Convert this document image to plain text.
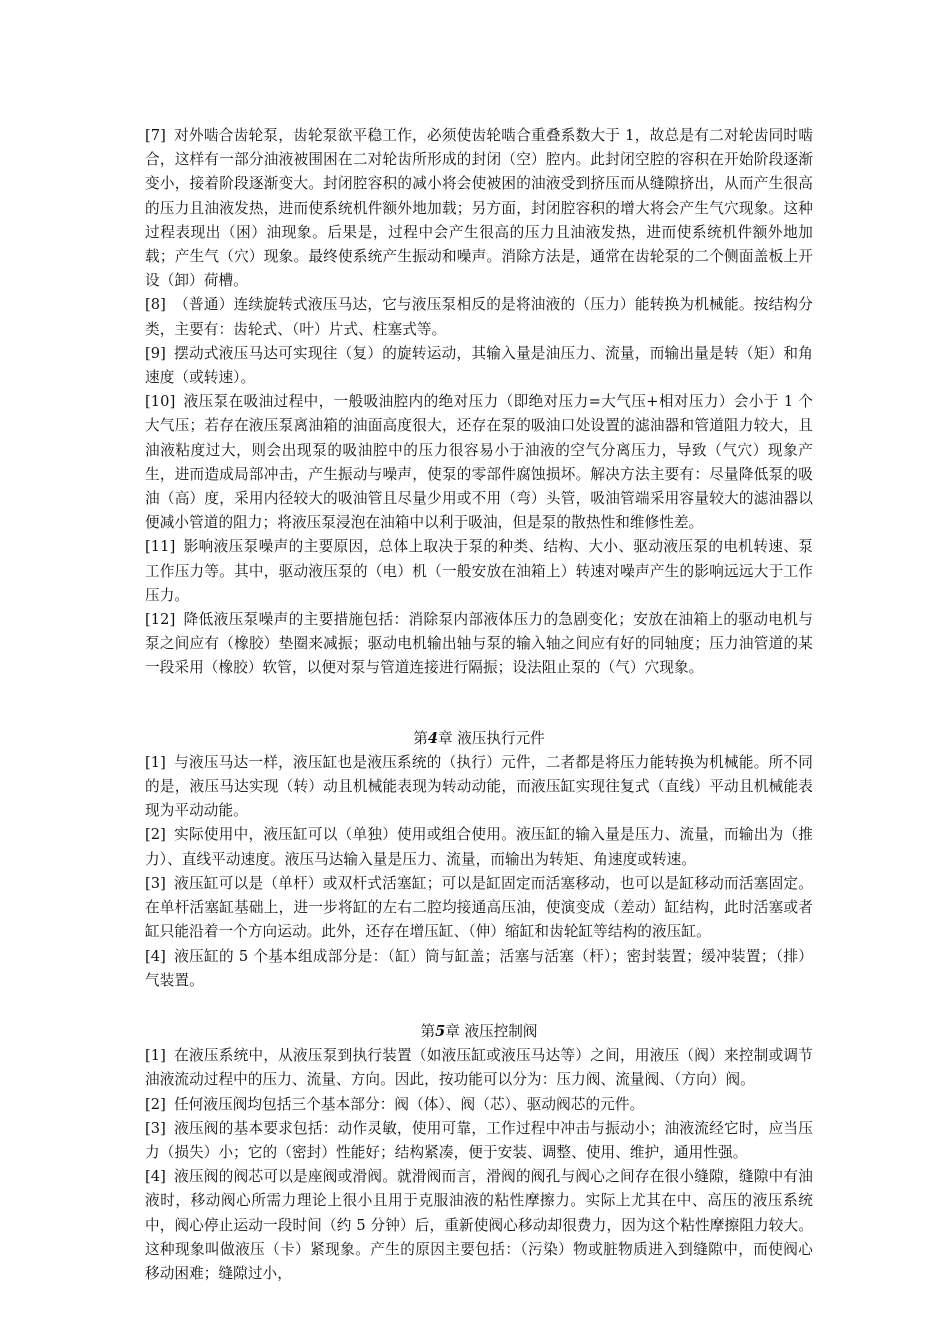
[7] 对外啮合齿轮泵，齿轮泵欲平稳工作，必须使齿轮啮合重叠系数大于 1，故总是有二对轮齿同时啮合，这样有一部分油液被围困在二对轮齿所形成的封闭（空）腔内。此封闭空腔的容积在开始阶段逐渐变小，接着阶段逐渐变大。封闭腔容积的减小将会使被困的油液受到挤压而从缝隙挤出，从而产生很高的压力且油液发热，进而使系统机件额外地加载；另方面，封闭腔容积的增大将会产生气穴现象。这种过程表现出（困）油现象。后果是，过程中会产生很高的压力且油液发热，进而使系统机件额外地加载；产生气（穴）现象。最终使系统产生振动和噪声。消除方法是，通常在齿轮泵的二个侧面盖板上开设（卸）荷槽。

[8] （普通）连续旋转式液压马达，它与液压泵相反的是将油液的（压力）能转换为机械能。按结构分类，主要有：齿轮式、（叶）片式、柱塞式等。

[9] 摆动式液压马达可实现往（复）的旋转运动，其输入量是油压力、流量，而输出量是转（矩）和角速度（或转速）。

[10] 液压泵在吸油过程中，一般吸油腔内的绝对压力（即绝对压力=大气压+相对压力）会小于 1 个大气压；若存在液压泵离油箱的油面高度很大，还存在泵的吸油口处设置的滤油器和管道阻力较大，且油液粘度过大，则会出现泵的吸油腔中的压力很容易小于油液的空气分离压力，导致（气穴）现象产生，进而造成局部冲击，产生振动与噪声，使泵的零部件腐蚀损坏。解决方法主要有：尽量降低泵的吸油（高）度，采用内径较大的吸油管且尽量少用或不用（弯）头管，吸油管端采用容量较大的滤油器以便减小管道的阻力；将液压泵浸泡在油箱中以利于吸油，但是泵的散热性和维修性差。

[11] 影响液压泵噪声的主要原因，总体上取决于泵的种类、结构、大小、驱动液压泵的电机转速、泵工作压力等。其中，驱动液压泵的（电）机（一般安放在油箱上）转速对噪声产生的影响远远大于工作压力。

[12] 降低液压泵噪声的主要措施包括：消除泵内部液体压力的急剧变化；安放在油箱上的驱动电机与泵之间应有（橡胶）垫圈来减振；驱动电机输出轴与泵的输入轴之间应有好的同轴度；压力油管道的某一段采用（橡胶）软管，以便对泵与管道连接进行隔振；设法阻止泵的（气）穴现象。

第4章 液压执行元件

[1] 与液压马达一样，液压缸也是液压系统的（执行）元件，二者都是将压力能转换为机械能。所不同的是，液压马达实现（转）动且机械能表现为转动动能，而液压缸实现往复式（直线）平动且机械能表现为平动动能。

[2] 实际使用中，液压缸可以（单独）使用或组合使用。液压缸的输入量是压力、流量，而输出为（推力）、直线平动速度。液压马达输入量是压力、流量，而输出为转矩、角速度或转速。

[3] 液压缸可以是（单杆）或双杆式活塞缸；可以是缸固定而活塞移动，也可以是缸移动而活塞固定。在单杆活塞缸基础上，进一步将缸的左右二腔均接通高压油，使演变成（差动）缸结构，此时活塞或者缸只能沿着一个方向运动。此外，还存在增压缸、（伸）缩缸和齿轮缸等结构的液压缸。

[4] 液压缸的 5 个基本组成部分是：（缸）筒与缸盖；活塞与活塞（杆）；密封装置；缓冲装置；（排）气装置。

第5章 液压控制阀

[1] 在液压系统中，从液压泵到执行装置（如液压缸或液压马达等）之间，用液压（阀）来控制或调节油液流动过程中的压力、流量、方向。因此，按功能可以分为：压力阀、流量阀、（方向）阀。

[2] 任何液压阀均包括三个基本部分：阀（体）、阀（芯）、驱动阀芯的元件。

[3] 液压阀的基本要求包括：动作灵敏，使用可靠，工作过程中冲击与振动小；油液流经它时，应当压力（损失）小；它的（密封）性能好；结构紧凑，便于安装、调整、使用、维护，通用性强。

[4] 液压阀的阀芯可以是座阀或滑阀。就滑阀而言，滑阀的阀孔与阀心之间存在很小缝隙，缝隙中有油液时，移动阀心所需力理论上很小且用于克服油液的粘性摩擦力。实际上尤其在中、高压的液压系统中，阀心停止运动一段时间（约 5 分钟）后，重新使阀心移动却很费力，因为这个粘性摩擦阻力较大。这种现象叫做液压（卡）紧现象。产生的原因主要包括：（污染）物或脏物质进入到缝隙中，而使阀心移动困难；缝隙过小，
